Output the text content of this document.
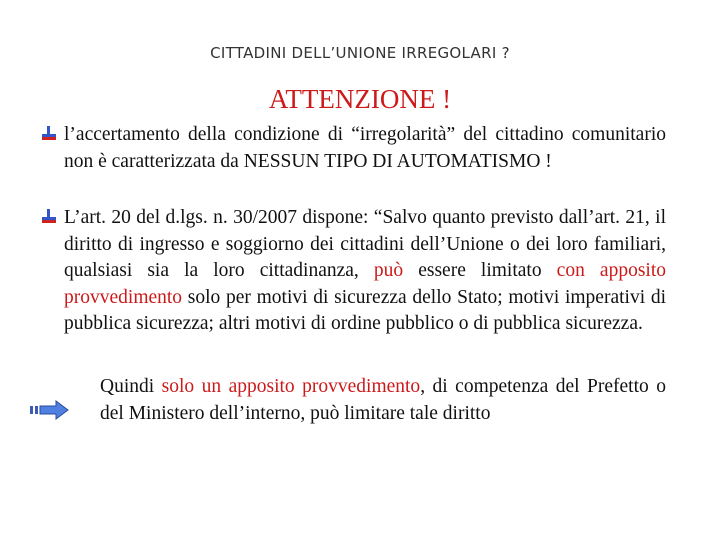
CITTADINI DELL’UNIONE IRREGOLARI ?
ATTENZIONE !
l’accertamento della condizione di “irregolarità” del cittadino comunitario non è caratterizzata da NESSUN TIPO DI AUTOMATISMO !
L’art. 20 del d.lgs. n. 30/2007 dispone: “Salvo quanto previsto dall’art. 21, il diritto di ingresso e soggiorno dei cittadini dell’Unione o dei loro familiari, qualsiasi sia la loro cittadinanza, può essere limitato con apposito provvedimento solo per motivi di sicurezza dello Stato; motivi imperativi di pubblica sicurezza; altri motivi di ordine pubblico o di pubblica sicurezza.
Quindi solo un apposito provvedimento, di competenza del Prefetto o del Ministero dell’interno, può limitare tale diritto
